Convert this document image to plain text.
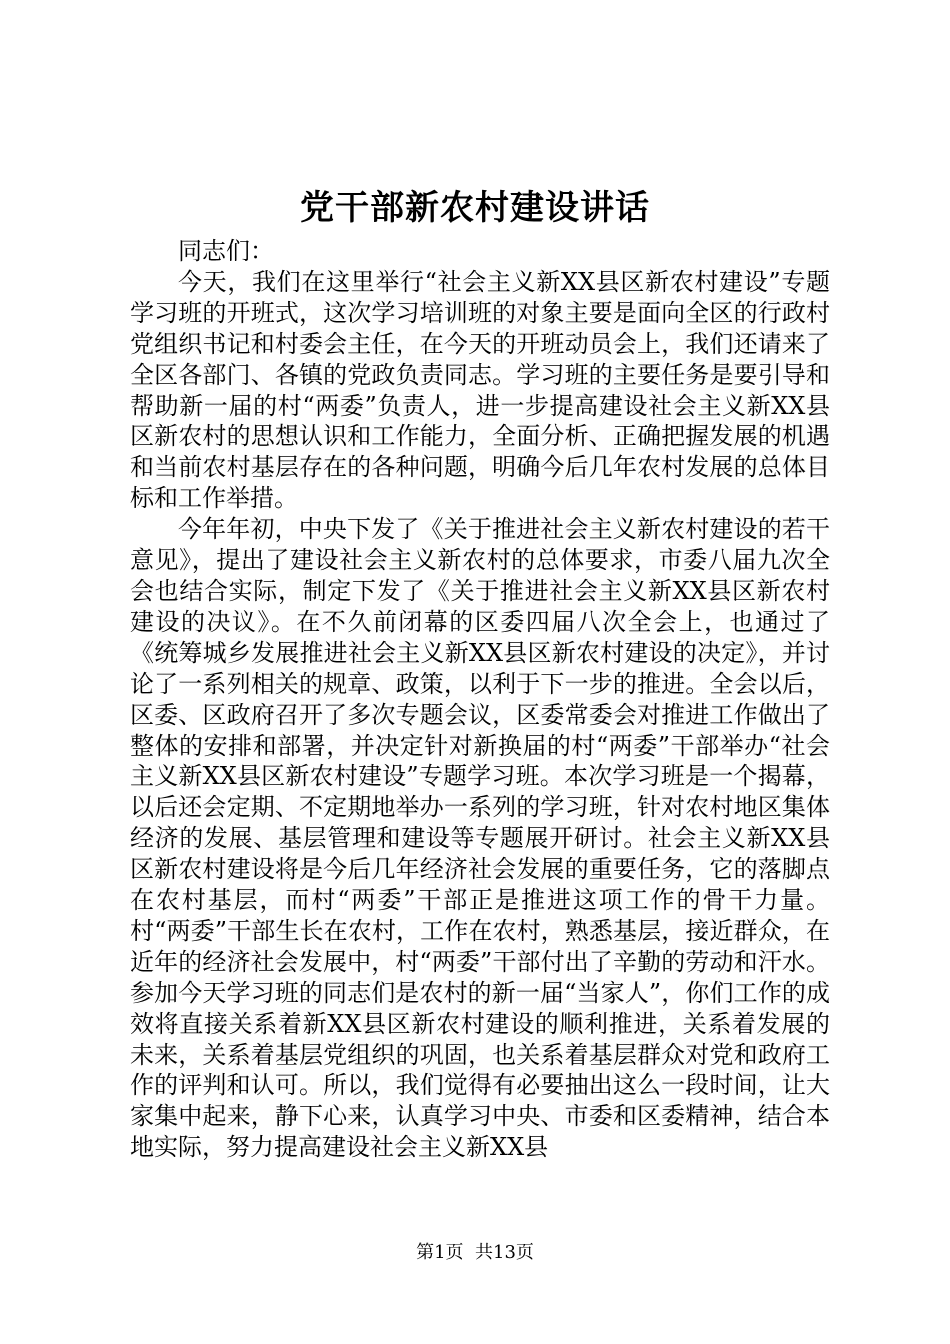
党干部新农村建设讲话

同志们：

今天，我们在这里举行“社会主义新XX县区新农村建设”专题学习班的开班式，这次学习培训班的对象主要是面向全区的行政村党组织书记和村委会主任，在今天的开班动员会上，我们还请来了全区各部门、各镇的党政负责同志。学习班的主要任务是要引导和帮助新一届的村“两委”负责人，进一步提高建设社会主义新XX县区新农村的思想认识和工作能力，全面分析、正确把握发展的机遇和当前农村基层存在的各种问题，明确今后几年农村发展的总体目标和工作举措。

今年年初，中央下发了《关于推进社会主义新农村建设的若干意见》，提出了建设社会主义新农村的总体要求，市委八届九次全会也结合实际，制定下发了《关于推进社会主义新XX县区新农村建设的决议》。在不久前闭幕的区委四届八次全会上，也通过了《统筹城乡发展推进社会主义新XX县区新农村建设的决定》，并讨论了一系列相关的规章、政策，以利于下一步的推进。全会以后，区委、区政府召开了多次专题会议，区委常委会对推进工作做出了整体的安排和部署，并决定针对新换届的村“两委”干部举办“社会主义新XX县区新农村建设”专题学习班。本次学习班是一个揭幕，以后还会定期、不定期地举办一系列的学习班，针对农村地区集体经济的发展、基层管理和建设等专题展开研讨。社会主义新XX县区新农村建设将是今后几年经济社会发展的重要任务，它的落脚点在农村基层，而村“两委”干部正是推进这项工作的骨干力量。村“两委”干部生长在农村，工作在农村，熟悉基层，接近群众，在近年的经济社会发展中，村“两委”干部付出了辛勤的劳动和汗水。参加今天学习班的同志们是农村的新一届“当家人”，你们工作的成效将直接关系着新XX县区新农村建设的顺利推进，关系着发展的未来，关系着基层党组织的巩固，也关系着基层群众对党和政府工作的评判和认可。所以，我们觉得有必要抽出这么一段时间，让大家集中起来，静下心来，认真学习中央、市委和区委精神，结合本地实际，努力提高建设社会主义新XX县

第1页  共13页
